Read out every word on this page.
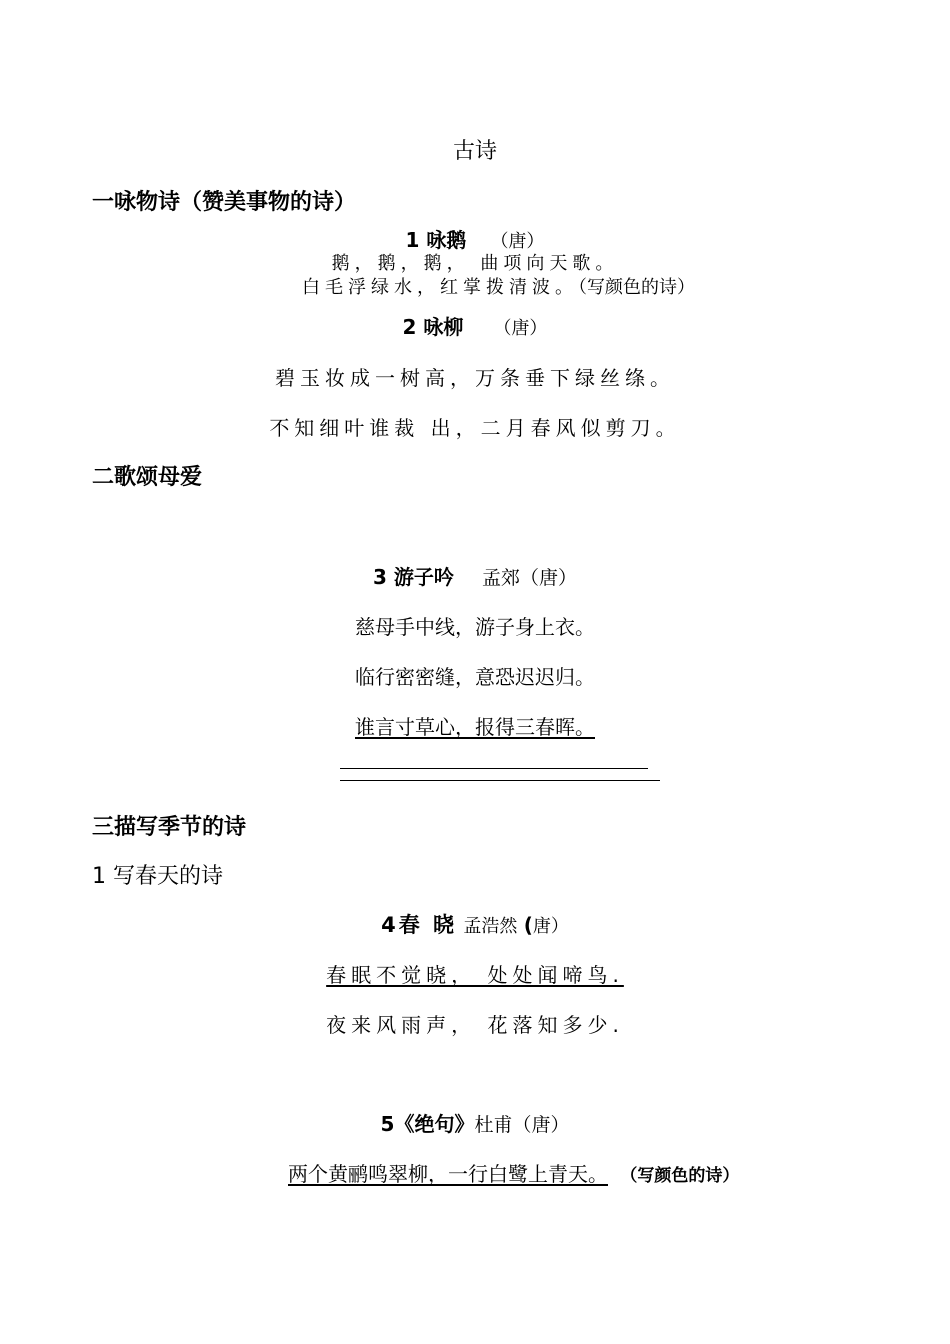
古诗
一咏物诗（赞美事物的诗）
1 咏鹅 （唐）
鹅，鹅，鹅， 曲项向天歌。
白毛浮绿水，红掌拨清波。（写颜色的诗）
2 咏柳 （唐）
碧玉妆成一树高，万条垂下绿丝绦。
不知细叶谁裁 出，二月春风似剪刀。
二歌颂母爱
3 游子吟 孟郊（唐）
慈母手中线，游子身上衣。
临行密密缝，意恐迟迟归。
谁言寸草心，报得三春晖。
三描写季节的诗
1 写春天的诗
4春 晓 孟浩然 (唐）
春眠不觉晓， 处处闻啼鸟.
夜来风雨声， 花落知多少.
5《绝句》杜甫（唐）
两个黄鹂鸣翠柳，一行白鹭上青天。 （写颜色的诗）
